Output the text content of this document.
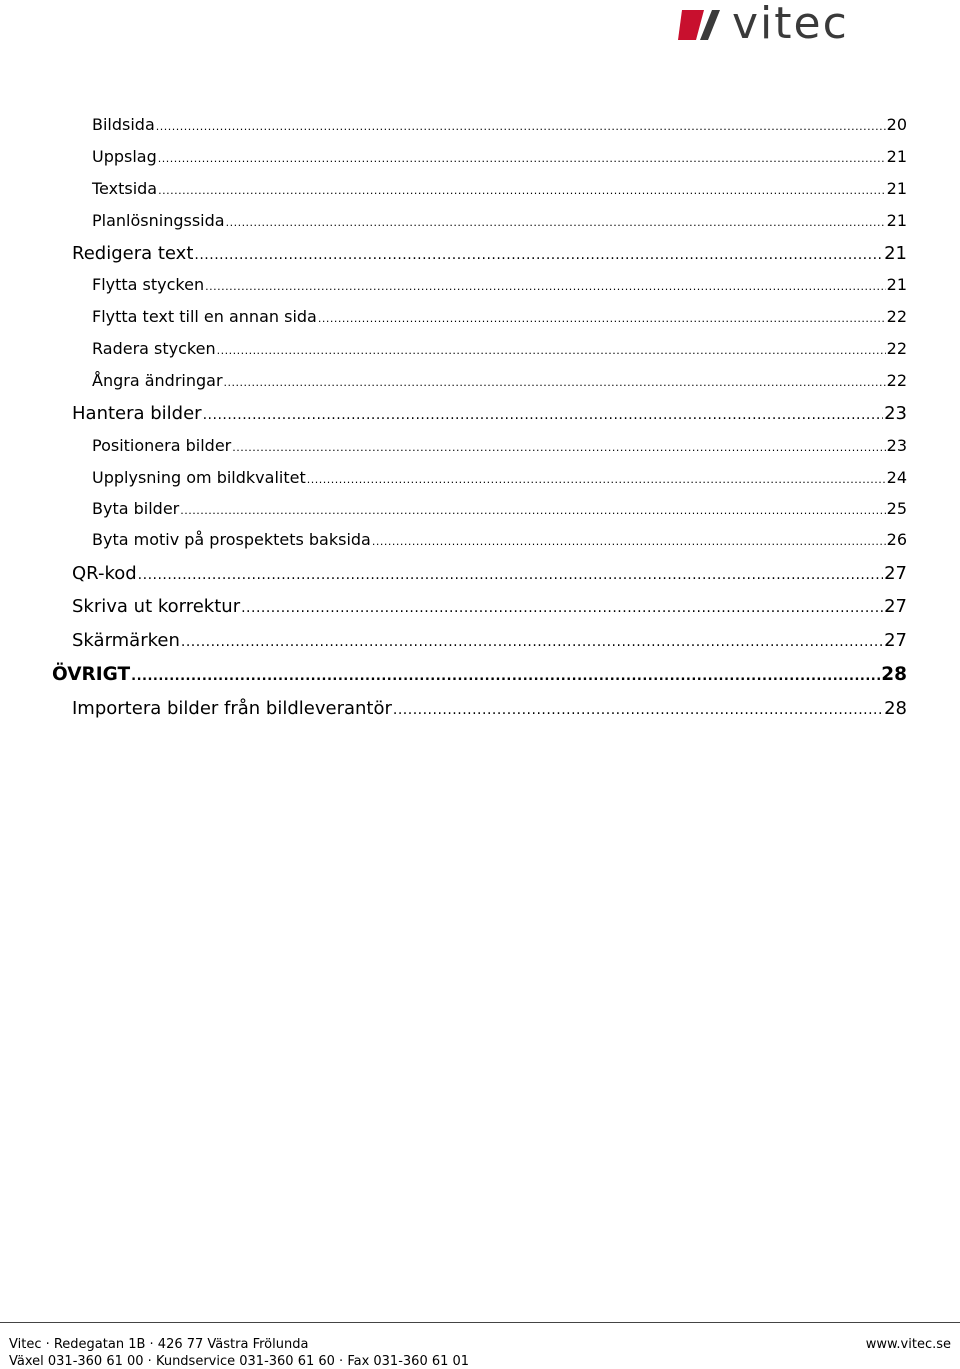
vitec
Bildsida .....	20
Uppslag .....	21
Textsida .....	21
Planlösningssida .....	21
Redigera text .....	21
Flytta stycken .....	21
Flytta text till en annan sida .....	22
Radera stycken .....	22
Ångra ändringar .....	22
Hantera bilder .....	23
Positionera bilder .....	23
Upplysning om bildkvalitet .....	24
Byta bilder .....	25
Byta motiv på prospektets baksida .....	26
QR-kod .....	27
Skriva ut korrektur .....	27
Skärmärken .....	27
ÖVRIGT .....	28
Importera bilder från bildleverantör .....	28
Vitec · Redegatan 1B · 426 77 Västra Frölunda
Växel 031-360 61 00 · Kundservice 031-360 61 60 · Fax 031-360 61 01
www.vitec.se
